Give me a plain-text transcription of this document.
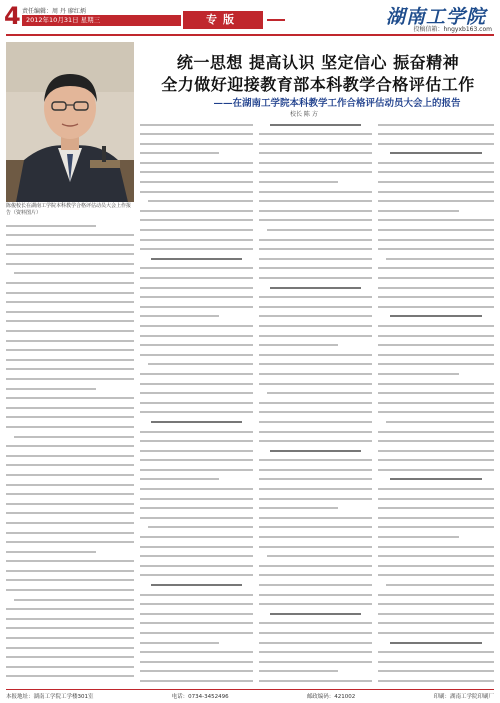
4 责任编辑：周 丹 廖红炳
2012年10月31日 星期三	专版	湖南工学院
投稿信箱：hngyxb163.com
陈俊校长在湖南工学院本科教学合格评估动员大会上作报告（资料图片）
统一思想 提高认识 坚定信心 振奋精神
全力做好迎接教育部本科教学合格评估工作
——在湖南工学院本科教学工作合格评估动员大会上的报告
校长 陈 方
本报地址：湖南工学院工学楼301室	电话：0734-3452496	邮政编码：421002	印刷：湖南工学院印刷厂
